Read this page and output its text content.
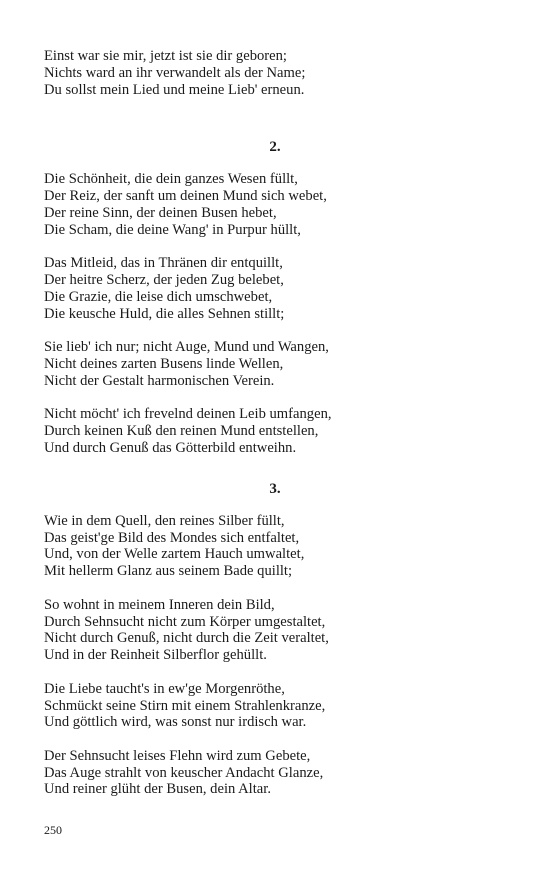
Einst war sie mir, jetzt ist sie dir geboren;
Nichts ward an ihr verwandelt als der Name;
Du sollst mein Lied und meine Lieb' erneun.
2.
Die Schönheit, die dein ganzes Wesen füllt,
Der Reiz, der sanft um deinen Mund sich webet,
Der reine Sinn, der deinen Busen hebet,
Die Scham, die deine Wang' in Purpur hüllt,
Das Mitleid, das in Thränen dir entquillt,
Der heitre Scherz, der jeden Zug belebet,
Die Grazie, die leise dich umschwebet,
Die keusche Huld, die alles Sehnen stillt;
Sie lieb' ich nur; nicht Auge, Mund und Wangen,
Nicht deines zarten Busens linde Wellen,
Nicht der Gestalt harmonischen Verein.
Nicht möcht' ich frevelnd deinen Leib umfangen,
Durch keinen Kuß den reinen Mund entstellen,
Und durch Genuß das Götterbild entweihn.
3.
Wie in dem Quell, den reines Silber füllt,
Das geist'ge Bild des Mondes sich entfaltet,
Und, von der Welle zartem Hauch umwaltet,
Mit hellerm Glanz aus seinem Bade quillt;
So wohnt in meinem Inneren dein Bild,
Durch Sehnsucht nicht zum Körper umgestaltet,
Nicht durch Genuß, nicht durch die Zeit veraltet,
Und in der Reinheit Silberflor gehüllt.
Die Liebe taucht's in ew'ge Morgenröthe,
Schmückt seine Stirn mit einem Strahlenkranze,
Und göttlich wird, was sonst nur irdisch war.
Der Sehnsucht leises Flehn wird zum Gebete,
Das Auge strahlt von keuscher Andacht Glanze,
Und reiner glüht der Busen, dein Altar.
250
